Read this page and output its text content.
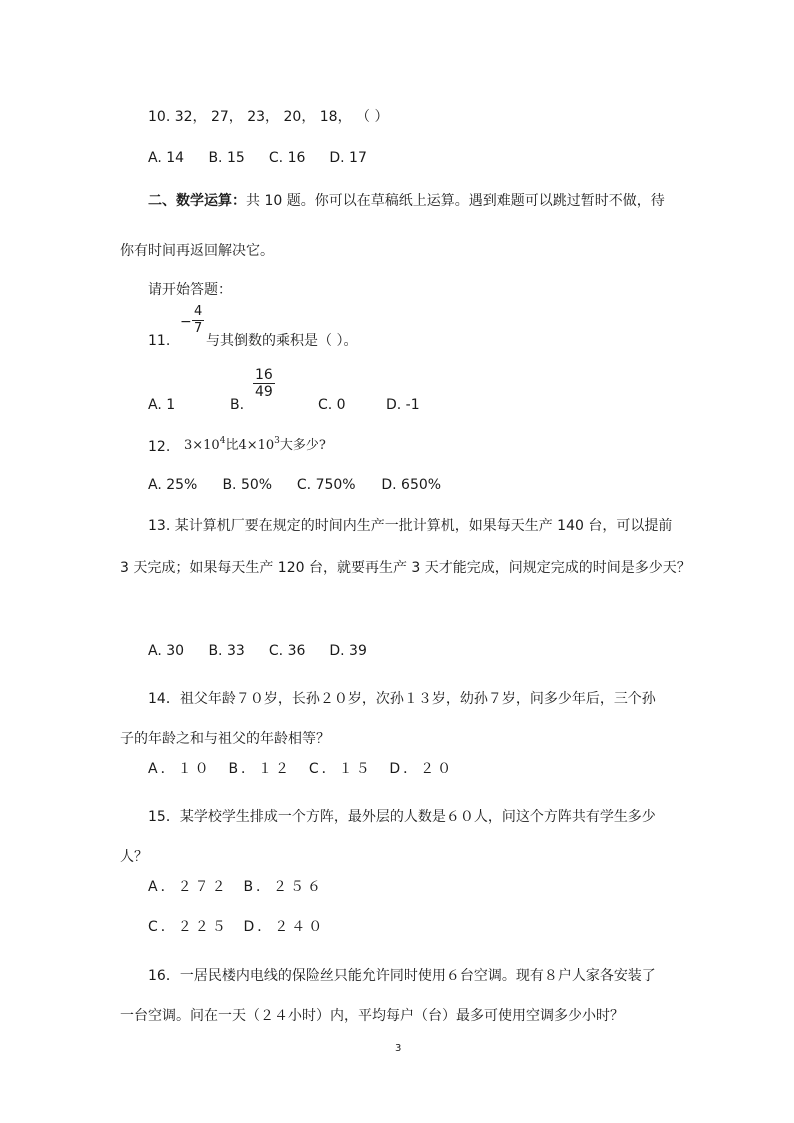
10. 32， 27， 23， 20， 18， （ ）
A. 14 B. 15 C. 16 D. 17
二、数学运算：共 10 题。你可以在草稿纸上运算。遇到难题可以跳过暂时不做，待
你有时间再返回解决它。
请开始答题：
11.
−
4
7
与其倒数的乘积是（ ）。
A. 1	B.
16
49
C. 0	D. -1
12. $3\times 10^4$比$4\times 10^3$大多少?
A. 25% B. 50% C. 750% D. 650%
13. 某计算机厂要在规定的时间内生产一批计算机，如果每天生产 140 台，可以提前
3 天完成；如果每天生产 120 台，就要再生产 3 天才能完成，问规定完成的时间是多少天？
A. 30 B. 33 C. 36 D. 39
14．祖父年龄７０岁，长孙２０岁，次孙１３岁，幼孙７岁，问多少年后，三个孙
子的年龄之和与祖父的年龄相等？
A．１０ B．１２ C．１５ D．２０
15．某学校学生排成一个方阵，最外层的人数是６０人，问这个方阵共有学生多少
人？
A．２７２ B．２５６
C．２２５ D．２４０
16．一居民楼内电线的保险丝只能允许同时使用６台空调。现有８户人家各安装了
一台空调。问在一天（２４小时）内，平均每户（台）最多可使用空调多少小时？
3
